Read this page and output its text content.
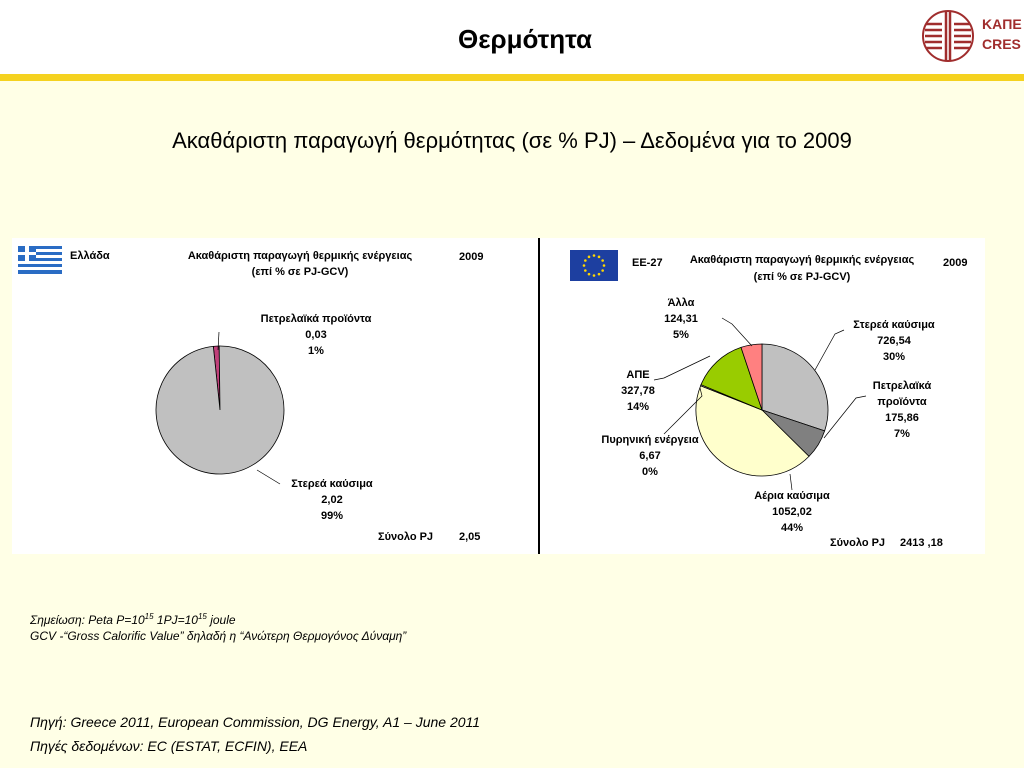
Θερμότητα	ΚΑΠΕ
CRES
Ακαθάριστη παραγωγή θερμότητας (σε % PJ) – Δεδομένα για το 2009
Ελλάδα	Ακαθάριστη παραγωγή θερμικής ενέργειας
(επί % σε PJ-GCV)
2009
Πετρελαϊκά προϊόντα
0,03
1%
Στερεά καύσιμα
2,02
99%
Σύνολο PJ 2,05
ΕΕ-27 Ακαθάριστη παραγωγή θερμικής ενέργειας
(επί % σε PJ-GCV)
2009
Άλλα
124,31
5%
Στερεά καύσιμα
726,54
30%
ΑΠΕ
327,78
14%
Πετρελαϊκά
προϊόντα
175,86
7%
Πυρηνική ενέργεια
6,67
0%
Αέρια καύσιμα
1052,02
44%
Σύνολο PJ 2413 ,18
Σημείωση: Peta $P=10^{15}$ $1PJ=10^{15}$ joule
GCV -“Gross Calorific Value” δηλαδή η “Ανώτερη Θερμογόνος Δύναμη”
Πηγή: Greece 2011, European Commission, DG Energy, A1 – June 2011
Πηγές δεδομένων: EC (ESTAT, ECFIN), EEA
